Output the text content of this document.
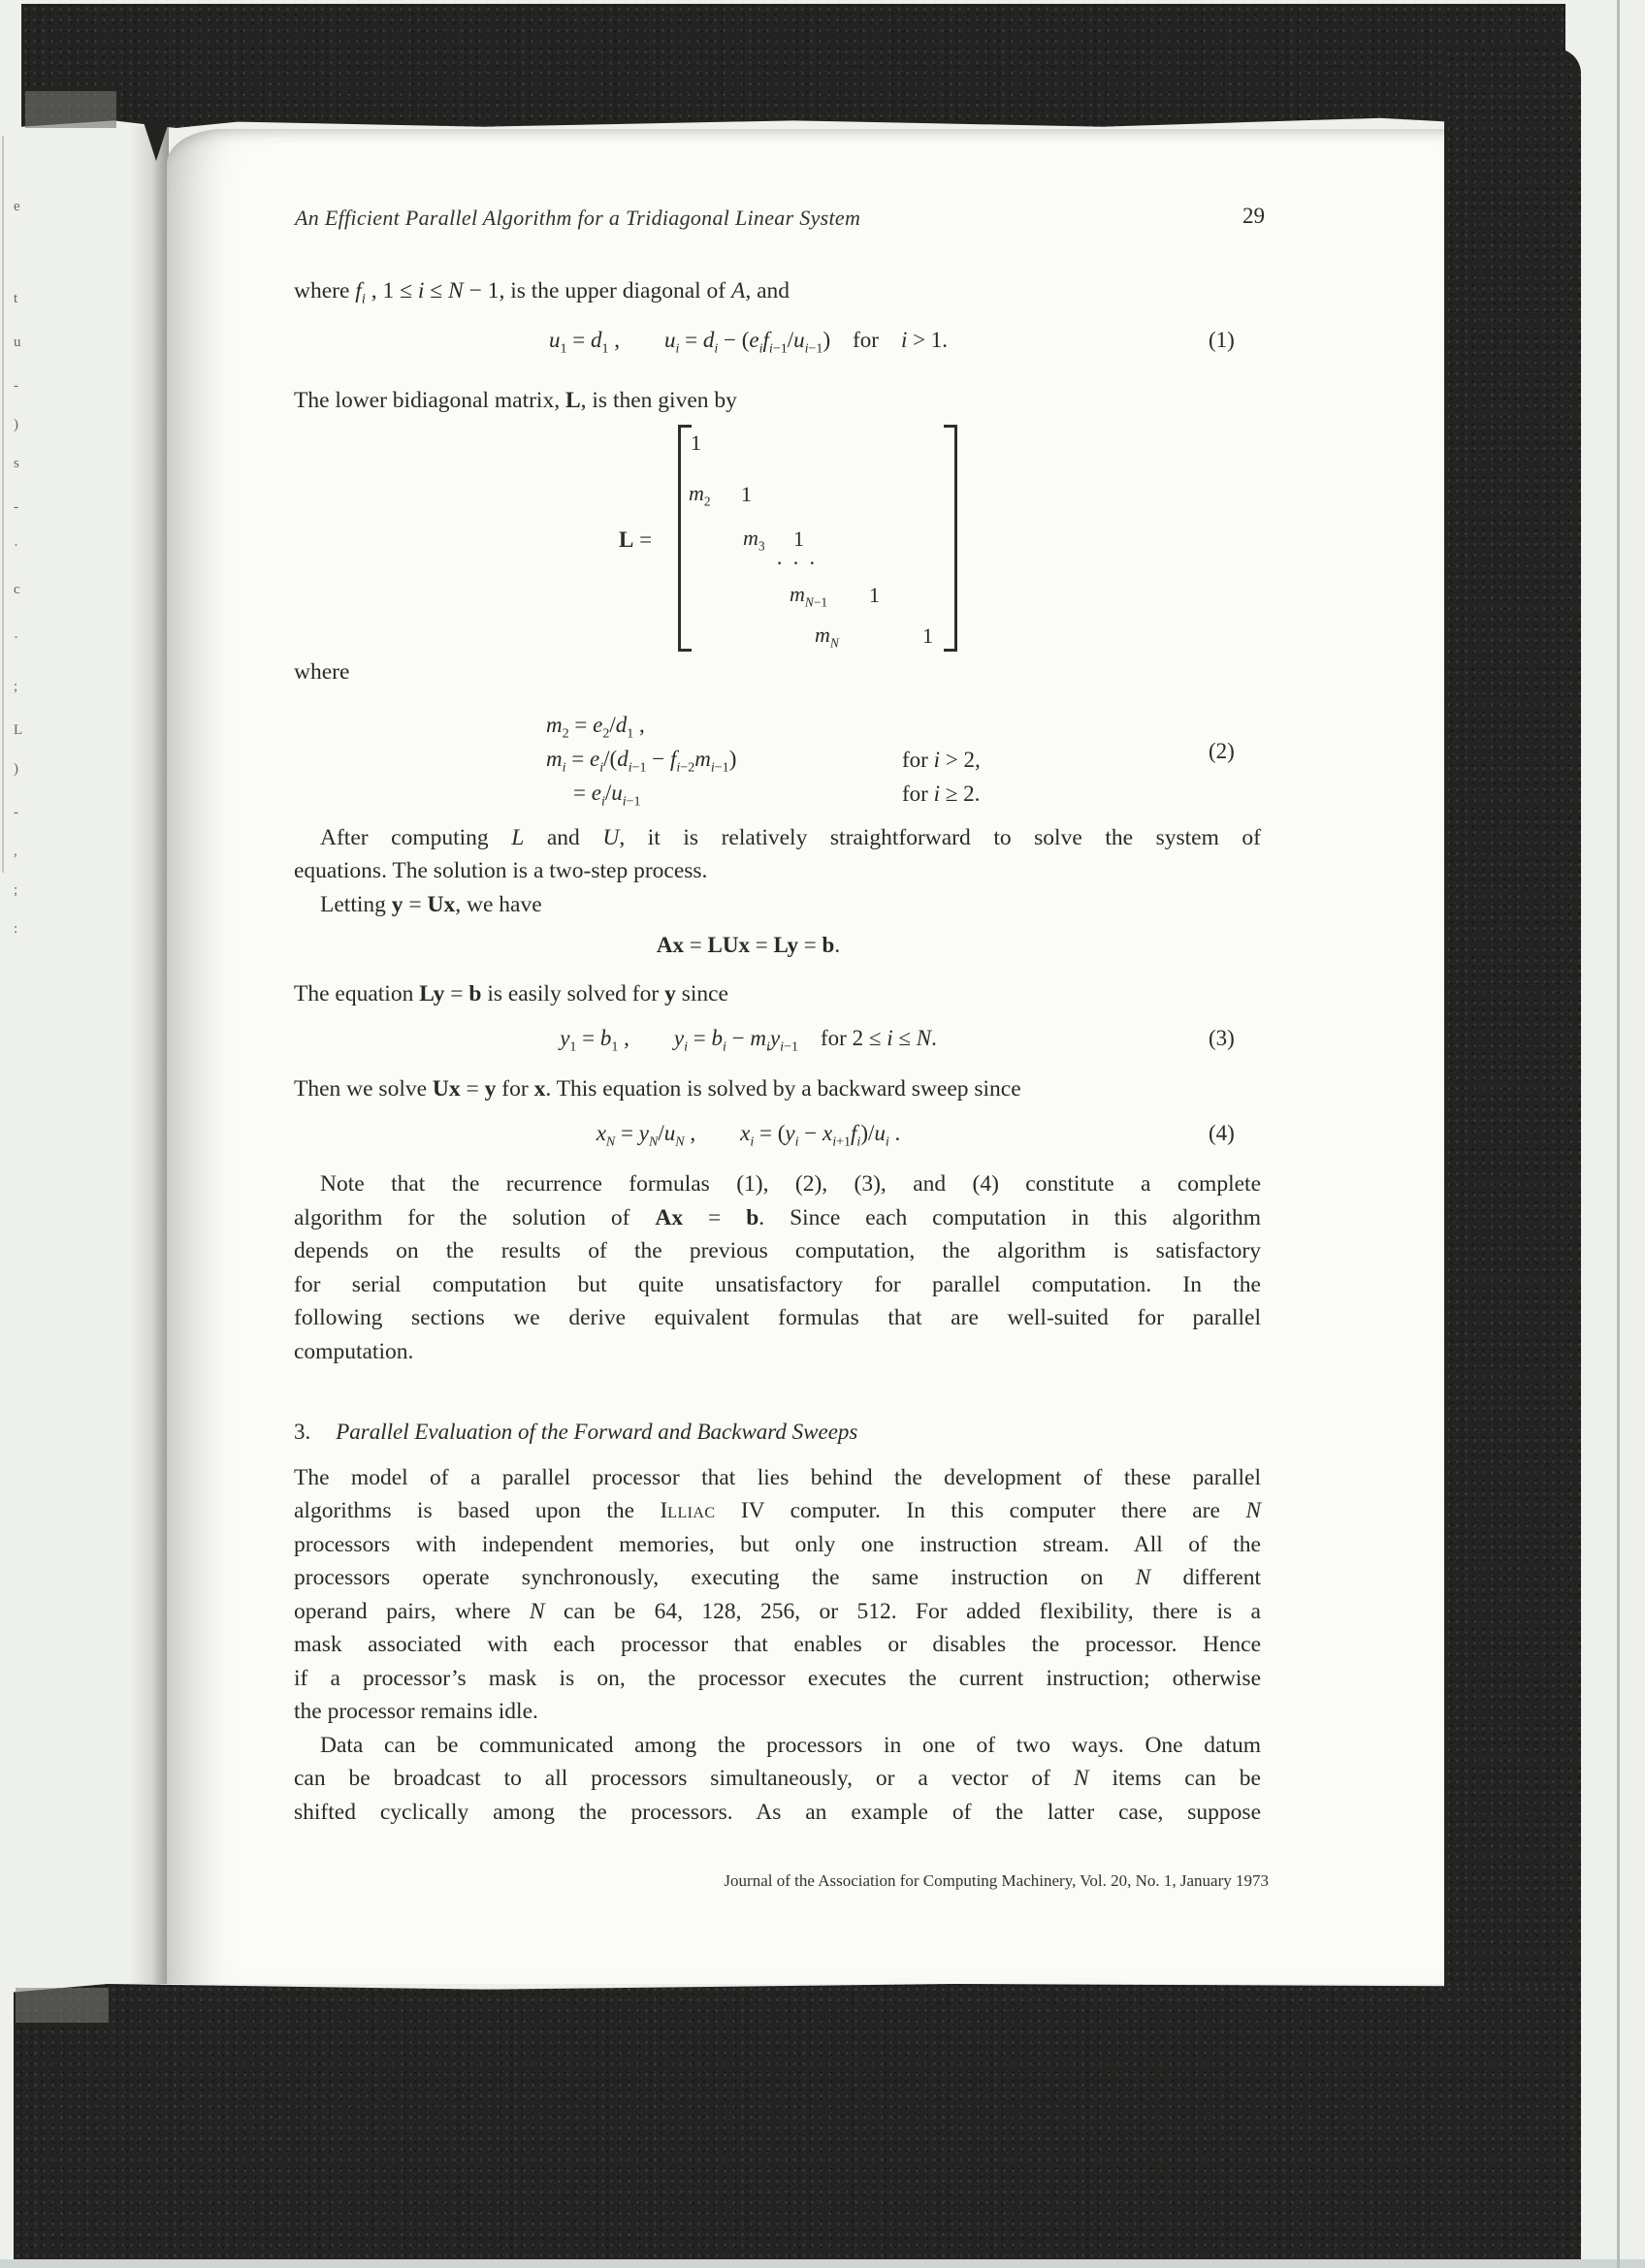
e
t
u
-
)
s
-
·
c
·
;
L
)
-
,
;
:
An Efficient Parallel Algorithm for a Tridiagonal Linear System	29
where $f_i$ , 1 ≤ i ≤ N − 1, is the upper diagonal of A, and
$u_1 = d_1$ ,  $u_i = d_i - (e_if_{i-1}/u_{i-1})$ for i > 1.	(1)
The lower bidiagonal matrix, L, is then given by
L =
1
$m_2$ 1
$m_3$ 1
· · ·
$m_{N-1}$ 1
$m_N$	1
where
$m_2 = e_2/d_1$ ,
$m_i = e_i/(d_{i-1} - f_{i-2}m_{i-1})$
= $e_i/u_{i-1}$
for i > 2,
for i ≥ 2.
(2)
After computing L and U, it is relatively straightforward to solve the system of
equations. The solution is a two-step process.
Letting y = Ux, we have
Ax = LUx = Ly = b.
The equation Ly = b is easily solved for y since
$y_1 = b_1$ ,  $y_i = b_i - m_iy_{i-1}$  for 2 ≤ i ≤ N.	(3)
Then we solve Ux = y for x. This equation is solved by a backward sweep since
$x_N = y_N/u_N$ ,  $x_i = (y_i - x_{i+1}f_i)/u_i$ .	(4)
Note that the recurrence formulas (1), (2), (3), and (4) constitute a complete
algorithm for the solution of Ax = b. Since each computation in this algorithm
depends on the results of the previous computation, the algorithm is satisfactory
for serial computation but quite unsatisfactory for parallel computation. In the
following sections we derive equivalent formulas that are well-suited for parallel
computation.
3. Parallel Evaluation of the Forward and Backward Sweeps
The model of a parallel processor that lies behind the development of these parallel
algorithms is based upon the Illiac IV computer. In this computer there are N
processors with independent memories, but only one instruction stream. All of the
processors operate synchronously, executing the same instruction on N different
operand pairs, where N can be 64, 128, 256, or 512. For added flexibility, there is a
mask associated with each processor that enables or disables the processor. Hence
if a processor’s mask is on, the processor executes the current instruction; otherwise
the processor remains idle.
Data can be communicated among the processors in one of two ways. One datum
can be broadcast to all processors simultaneously, or a vector of N items can be
shifted cyclically among the processors. As an example of the latter case, suppose
Journal of the Association for Computing Machinery, Vol. 20, No. 1, January 1973
